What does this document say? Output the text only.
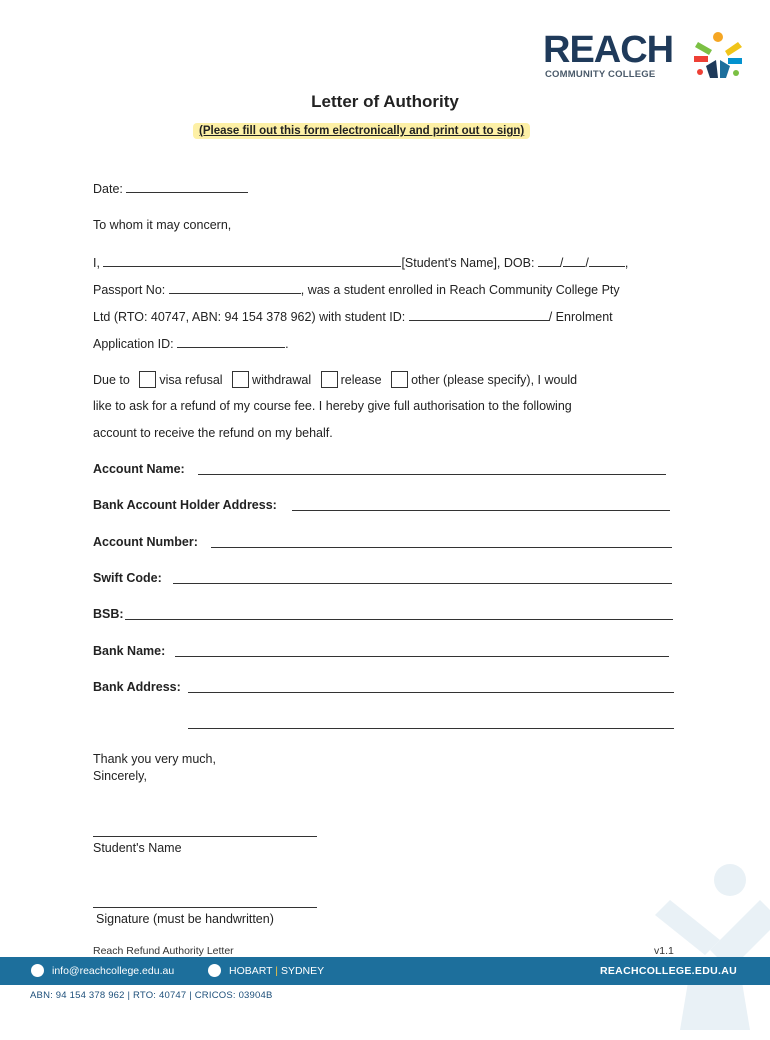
REACH
COMMUNITY COLLEGE
Letter of Authority
(Please fill out this form electronically and print out to sign)
Date:
To whom it may concern,
I,	[Student's Name], DOB: / /	,
Passport No:	, was a student enrolled in Reach Community College Pty
Ltd (RTO: 40747, ABN: 94 154 378 962) with student ID:	/ Enrolment
Application ID:	.
Due to visa refusal withdrawal release other (please specify), I would
like to ask for a refund of my course fee. I hereby give full authorisation to the following
account to receive the refund on my behalf.
Account Name:
Bank Account Holder Address:
Account Number:
Swift Code:
BSB:
Bank Name:
Bank Address:
Thank you very much,
Sincerely,
Student's Name
Signature (must be handwritten)
Reach Refund Authority Letter	v1.1
info@reachcollege.edu.au	HOBART | SYDNEY	REACHCOLLEGE.EDU.AU
ABN: 94 154 378 962 | RTO: 40747 | CRICOS: 03904B
